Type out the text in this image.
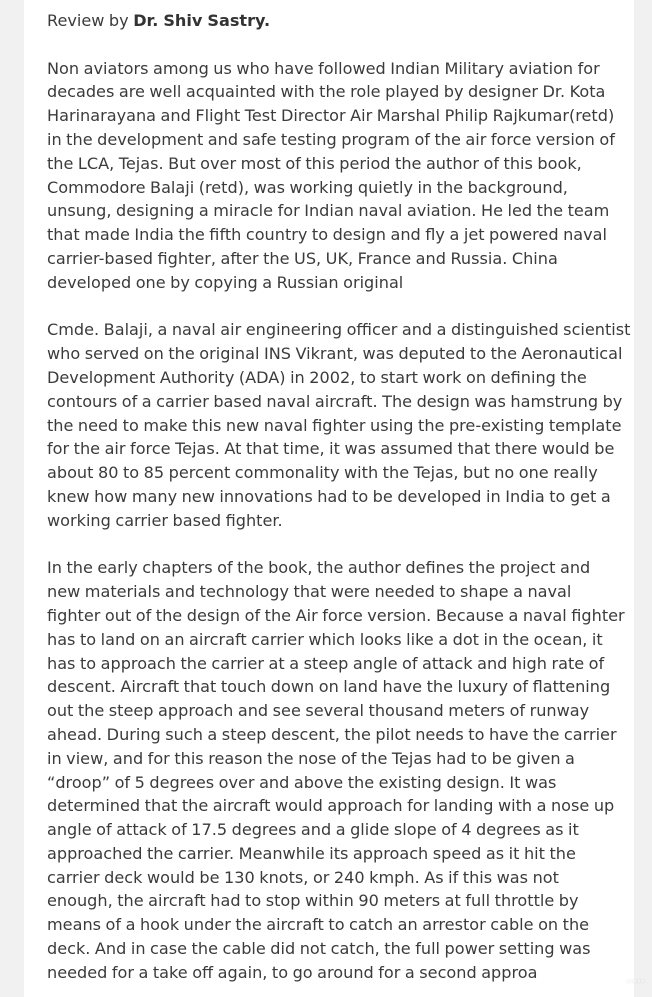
Review by Dr. Shiv Sastry.

Non aviators among us who have followed Indian Military aviation for
decades are well acquainted with the role played by designer Dr. Kota
Harinarayana and Flight Test Director Air Marshal Philip Rajkumar(retd)
in the development and safe testing program of the air force version of
the LCA, Tejas. But over most of this period the author of this book,
Commodore Balaji (retd), was working quietly in the background,
unsung, designing a miracle for Indian naval aviation. He led the team
that made India the fifth country to design and fly a jet powered naval
carrier-based fighter, after the US, UK, France and Russia. China
developed one by copying a Russian original

Cmde. Balaji, a naval air engineering officer and a distinguished scientist
who served on the original INS Vikrant, was deputed to the Aeronautical
Development Authority (ADA) in 2002, to start work on defining the
contours of a carrier based naval aircraft. The design was hamstrung by
the need to make this new naval fighter using the pre-existing template
for the air force Tejas. At that time, it was assumed that there would be
about 80 to 85 percent commonality with the Tejas, but no one really
knew how many new innovations had to be developed in India to get a
working carrier based fighter.

In the early chapters of the book, the author defines the project and
new materials and technology that were needed to shape a naval
fighter out of the design of the Air force version. Because a naval fighter
has to land on an aircraft carrier which looks like a dot in the ocean, it
has to approach the carrier at a steep angle of attack and high rate of
descent. Aircraft that touch down on land have the luxury of flattening
out the steep approach and see several thousand meters of runway
ahead. During such a steep descent, the pilot needs to have the carrier
in view, and for this reason the nose of the Tejas had to be given a
“droop” of 5 degrees over and above the existing design. It was
determined that the aircraft would approach for landing with a nose up
angle of attack of 17.5 degrees and a glide slope of 4 degrees as it
approached the carrier. Meanwhile its approach speed as it hit the
carrier deck would be 130 knots, or 240 kmph. As if this was not
enough, the aircraft had to stop within 90 meters at full throttle by
means of a hook under the aircraft to catch an arrestor cable on the
deck. And in case the cable did not catch, the full power setting was
needed for a take off again, to go around for a second approa

·····
